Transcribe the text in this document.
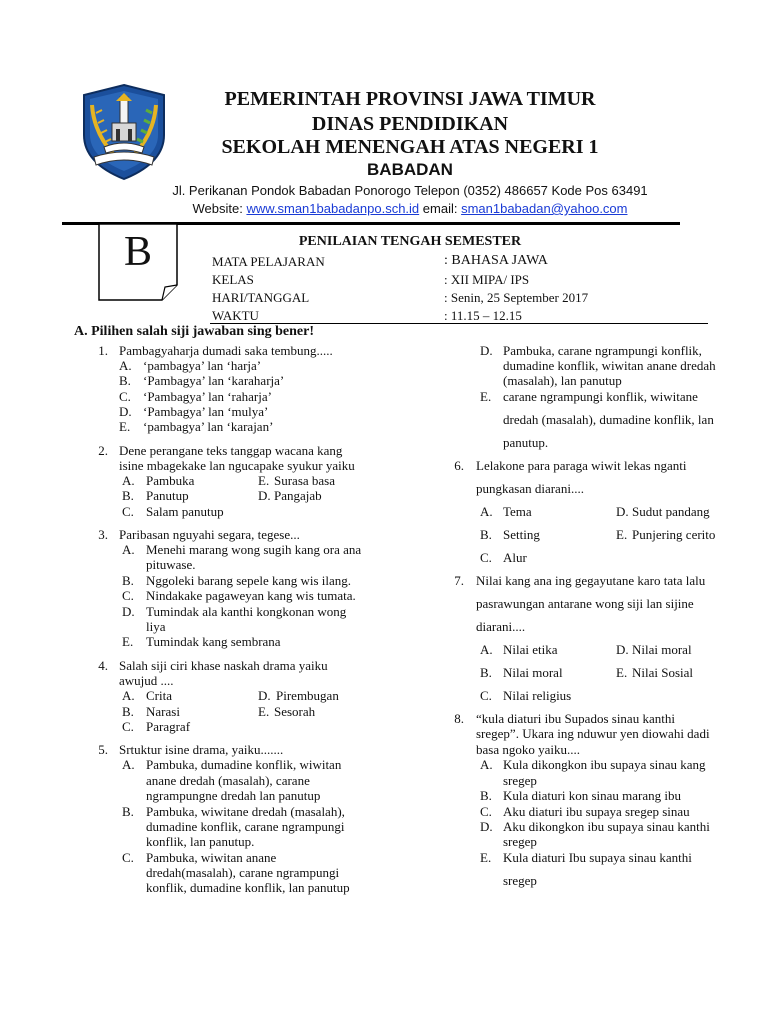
PEMERINTAH PROVINSI JAWA TIMUR
DINAS PENDIDIKAN
SEKOLAH MENENGAH ATAS NEGERI 1
BABADAN
Jl. Perikanan Pondok Babadan Ponorogo Telepon (0352) 486657 Kode Pos 63491
Website: www.sman1babadanpo.sch.id email: sman1babadan@yahoo.com
B	PENILAIAN TENGAH SEMESTER
MATA PELAJARAN	: BAHASA JAWA
KELAS	: XII MIPA/ IPS
HARI/TANGGAL	: Senin, 25 September 2017
WAKTU	: 11.15 – 12.15
A. Pilihen salah siji jawaban sing bener!
1. Pambagyaharja dumadi saka tembung.....
A. ‘pambagya’ lan ‘harja’
B. ‘Pambagya’ lan ‘karaharja’
C. ‘Pambagya’ lan ‘raharja’
D. ‘Pambagya’ lan ‘mulya’
E. ‘pambagya’ lan ‘karajan’
2. Dene perangane teks tanggap wacana kang
isine mbagekake lan ngucapake syukur yaiku
A. Pambuka	E. Surasa basa
B. Panutup	D. Pangajab
C. Salam panutup
3. Paribasan nguyahi segara, tegese...
A. Menehi marang wong sugih kang ora ana
pituwase.
B. Nggoleki barang sepele kang wis ilang.
C. Nindakake pagaweyan kang wis tumata.
D. Tumindak ala kanthi kongkonan wong
liya
E. Tumindak kang sembrana
4. Salah siji ciri khase naskah drama yaiku
awujud ....
A. Crita	D. Pirembugan
B. Narasi	E. Sesorah
C. Paragraf
5. Srtuktur isine drama, yaiku.......
A. Pambuka, dumadine konflik, wiwitan
anane dredah (masalah), carane
ngrampungne dredah lan panutup
B. Pambuka, wiwitane dredah (masalah),
dumadine konflik, carane ngrampungi
konflik, lan panutup.
C. Pambuka, wiwitan anane
dredah(masalah), carane ngrampungi
konflik, dumadine konflik, lan panutup
D. Pambuka, carane ngrampungi konflik,
dumadine konflik, wiwitan anane dredah
(masalah), lan panutup
E. carane ngrampungi konflik, wiwitane
dredah (masalah), dumadine konflik, lan
panutup.
6. Lelakone para paraga wiwit lekas nganti
pungkasan diarani....
A. Tema	D. Sudut pandang
B. Setting	E. Punjering cerito
C. Alur
7. Nilai kang ana ing gegayutane karo tata lalu
pasrawungan antarane wong siji lan sijine
diarani....
A. Nilai etika	D. Nilai moral
B. Nilai moral	E. Nilai Sosial
C. Nilai religius
8. “kula diaturi ibu Supados sinau kanthi
sregep”. Ukara ing nduwur yen diowahi dadi
basa ngoko yaiku....
A. Kula dikongkon ibu supaya sinau kang
sregep
B. Kula diaturi kon sinau marang ibu
C. Aku diaturi ibu supaya sregep sinau
D. Aku dikongkon ibu supaya sinau kanthi
sregep
E. Kula diaturi Ibu supaya sinau kanthi
sregep
